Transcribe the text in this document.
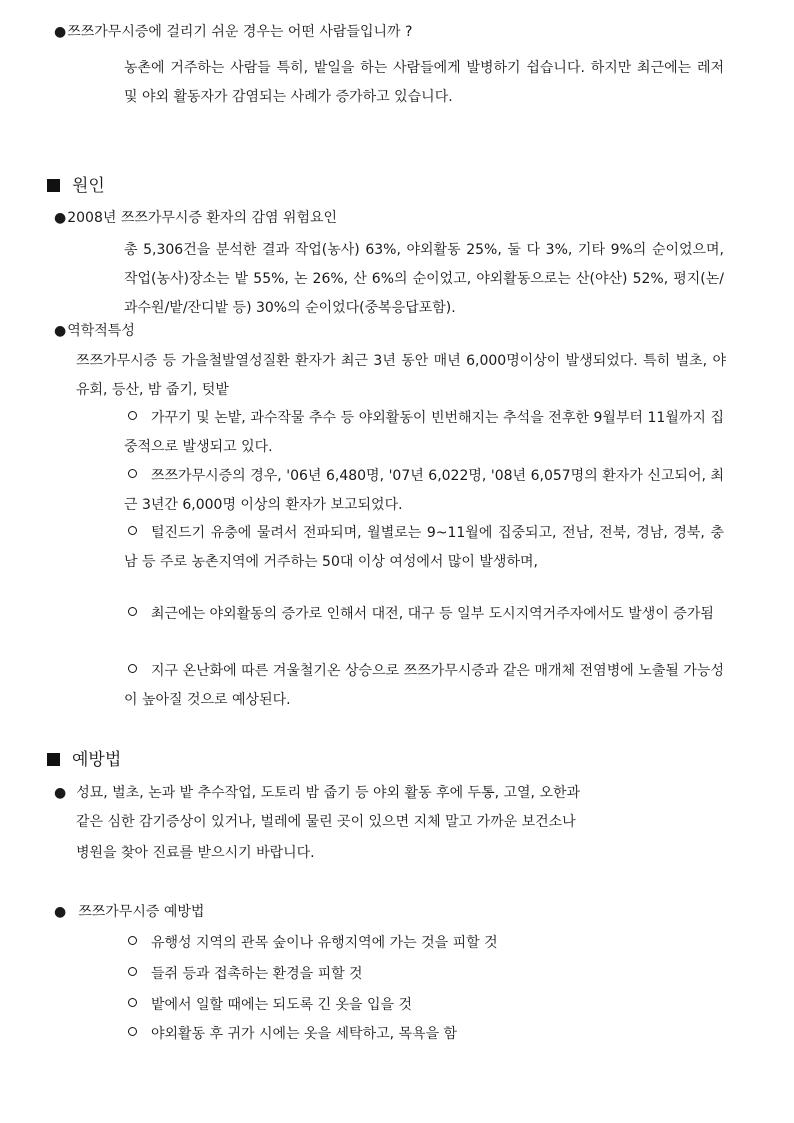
●쯔쯔가무시증에 걸리기 쉬운 경우는 어떤 사람들입니까 ?
농촌에 거주하는 사람들 특히, 밭일을 하는 사람들에게 발병하기 쉽습니다. 하지만 최근에는 레저 및 야외 활동자가 감염되는 사례가 증가하고 있습니다.
원인
●2008년 쯔쯔가무시증 환자의 감염 위험요인
총 5,306건을 분석한 결과 작업(농사) 63%, 야외활동 25%, 둘 다 3%, 기타 9%의 순이었으며, 작업(농사)장소는 밭 55%, 논 26%, 산 6%의 순이었고, 야외활동으로는 산(야산) 52%, 평지(논/과수원/밭/잔디밭 등) 30%의 순이었다(중복응답포함).
●역학적특성
쯔쯔가무시증 등 가을철발열성질환 환자가 최근 3년 동안 매년 6,000명이상이 발생되었다. 특히 벌초, 야유회, 등산, 밤 줍기, 텃밭
가꾸기 및 논밭, 과수작물 추수 등 야외활동이 빈번해지는 추석을 전후한 9월부터 11월까지 집중적으로 발생되고 있다.
쯔쯔가무시증의 경우, '06년 6,480명, '07년 6,022명, '08년 6,057명의 환자가 신고되어, 최근 3년간 6,000명 이상의 환자가 보고되었다.
털진드기 유충에 물려서 전파되며, 월별로는 9~11월에 집중되고, 전남, 전북, 경남, 경북, 충남 등 주로 농촌지역에 거주하는 50대 이상 여성에서 많이 발생하며,
최근에는 야외활동의 증가로 인해서 대전, 대구 등 일부 도시지역거주자에서도 발생이 증가됨
지구 온난화에 따른 겨울철기온 상승으로 쯔쯔가무시증과 같은 매개체 전염병에 노출될 가능성이 높아질 것으로 예상된다.
예방법
● 성묘, 벌초, 논과 밭 추수작업, 도토리 밤 줍기 등 야외 활동 후에 두통, 고열, 오한과
같은 심한 감기증상이 있거나, 벌레에 물린 곳이 있으면 지체 말고 가까운 보건소나
병원을 찾아 진료를 받으시기 바랍니다.
● 쯔쯔가무시증 예방법
유행성 지역의 관목 숲이나 유행지역에 가는 것을 피할 것
들쥐 등과 접촉하는 환경을 피할 것
밭에서 일할 때에는 되도록 긴 옷을 입을 것
야외활동 후 귀가 시에는 옷을 세탁하고, 목욕을 함
